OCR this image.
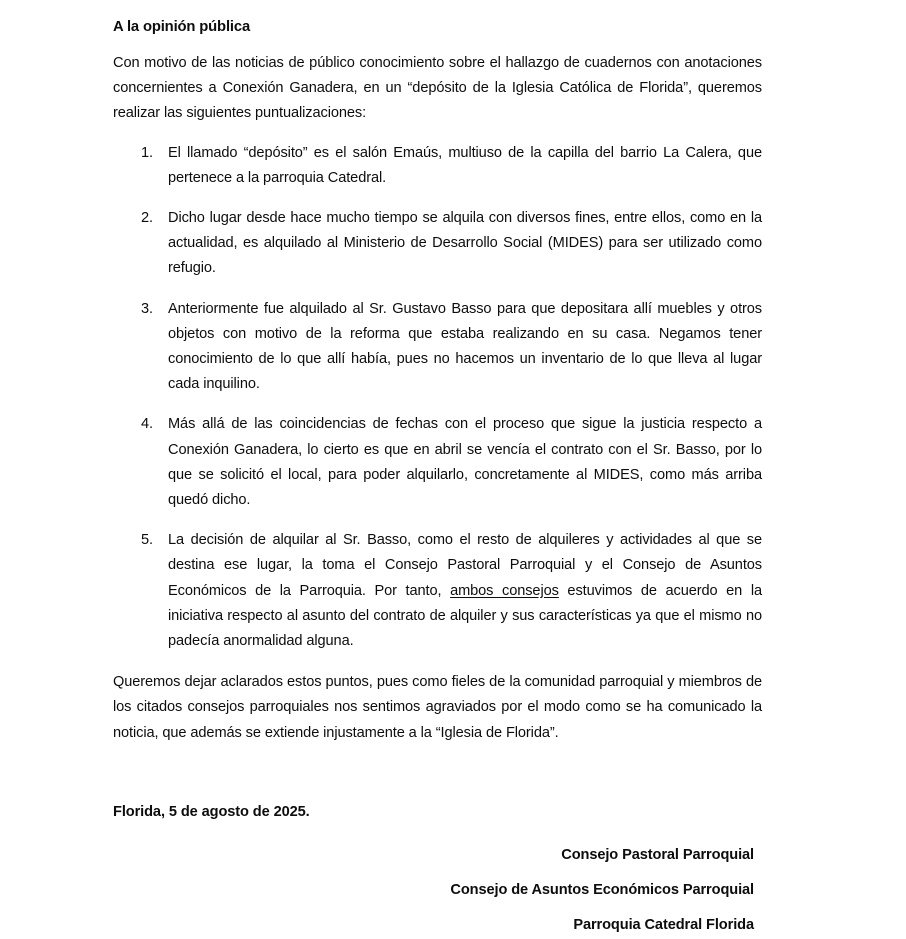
A la opinión pública

Con motivo de las noticias de público conocimiento sobre el hallazgo de cuadernos con anotaciones concernientes a Conexión Ganadera, en un “depósito de la Iglesia Católica de Florida”, queremos realizar las siguientes puntualizaciones:

1.	El llamado “depósito” es el salón Emaús, multiuso de la capilla del barrio La Calera, que pertenece a la parroquia Catedral.
2.	Dicho lugar desde hace mucho tiempo se alquila con diversos fines, entre ellos, como en la actualidad, es alquilado al Ministerio de Desarrollo Social (MIDES) para ser utilizado como refugio.
3.	Anteriormente fue alquilado al Sr. Gustavo Basso para que depositara allí muebles y otros objetos con motivo de la reforma que estaba realizando en su casa. Negamos tener conocimiento de lo que allí había, pues no hacemos un inventario de lo que lleva al lugar cada inquilino.
4.	Más allá de las coincidencias de fechas con el proceso que sigue la justicia respecto a Conexión Ganadera, lo cierto es que en abril se vencía el contrato con el Sr. Basso, por lo que se solicitó el local, para poder alquilarlo, concretamente al MIDES, como más arriba quedó dicho.
5.	La decisión de alquilar al Sr. Basso, como el resto de alquileres y actividades al que se destina ese lugar, la toma el Consejo Pastoral Parroquial y el Consejo de Asuntos Económicos de la Parroquia. Por tanto, ambos consejos estuvimos de acuerdo en la iniciativa respecto al asunto del contrato de alquiler y sus características ya que el mismo no padecía anormalidad alguna.

Queremos dejar aclarados estos puntos, pues como fieles de la comunidad parroquial y miembros de los citados consejos parroquiales nos sentimos agraviados por el modo como se ha comunicado la noticia, que además se extiende injustamente a la “Iglesia de Florida”.

Florida, 5 de agosto de 2025.

Consejo Pastoral Parroquial

Consejo de Asuntos Económicos Parroquial

Parroquia Catedral Florida
